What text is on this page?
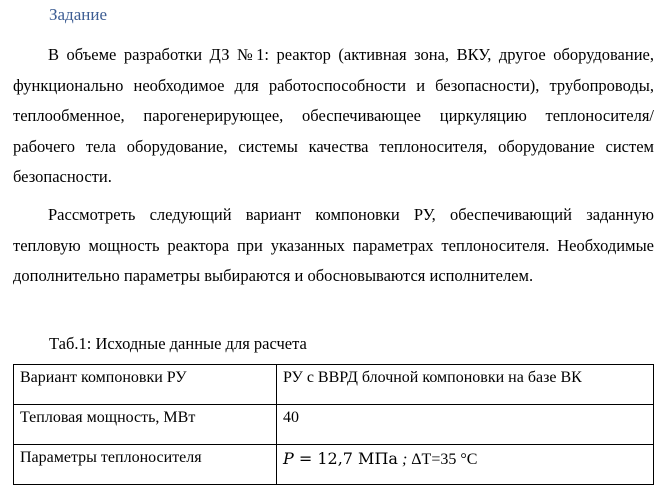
Задание

В объеме разработки ДЗ №1: реактор (активная зона, ВКУ, другое оборудование, функционально необходимое для работоспособности и безопасности), трубопроводы, теплообменное, парогенерирующее, обеспечивающее циркуляцию теплоносителя/рабочего тела оборудование, системы качества теплоносителя, оборудование систем безопасности.

Рассмотреть следующий вариант компоновки РУ, обеспечивающий заданную тепловую мощность реактора при указанных параметрах теплоносителя. Необходимые дополнительно параметры выбираются и обосновываются исполнителем.

Таб.1: Исходные данные для расчета
Вариант компоновки РУ	РУ с ВВРД блочной компоновки на базе ВК
Тепловая мощность, МВт	40
Параметры теплоносителя	P = 12,7 МПа ; ΔT=35 °C
